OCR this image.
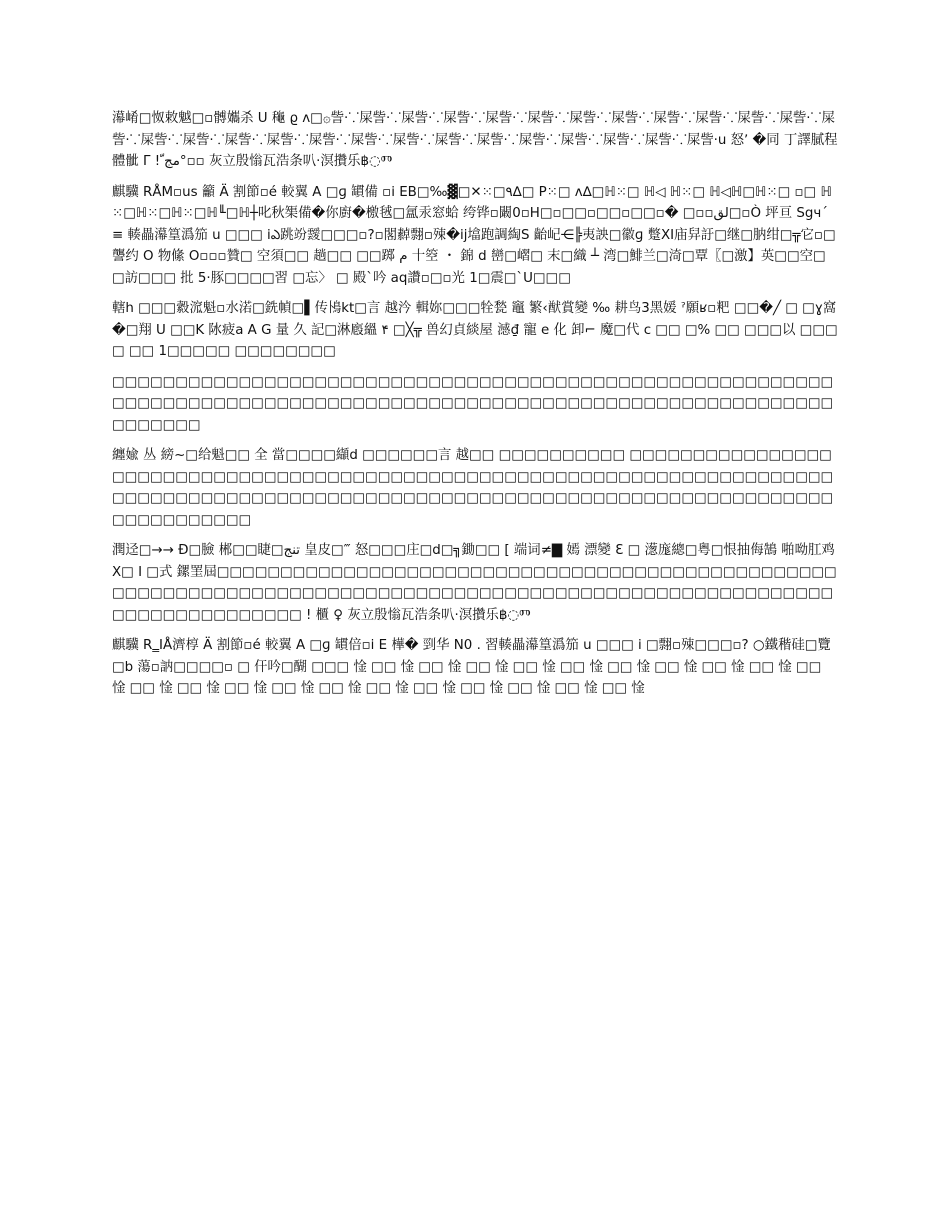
濗崤□怓敕魆□▫髆孈杀 U 龝 ϱ ᴧ□۞訾·⸪屎訾·⸪屎訾·⸪屎訾·⸪屎訾·⸪屎訾·⸪屎訾·⸪屎訾·⸪屎訾·⸪屎訾·⸪屎訾·⸪屎訾·⸪屎訾·⸪屎訾·⸪屎訾·⸪屎訾·⸪屎訾·⸪屎訾·⸪屎訾·⸪屎訾·⸪屎訾·⸪屎訾·⸪屎訾·⸪屎訾·⸪屎訾·⸪屎訾·⸪屎訾·u 怒ʼ �同 丁譯膩程體骴 Γ ! ّمج°▫▫ 灰立殷慃瓦浩条叭·溟攢乐฿◌Ⱅ

麒驥 RÅM▫us 籲 Ä 割節▫é 較翼 A □ɡ 罆備 ▫i EB□‰▓□✕⁙□٩∆□ P⁙□ ʌ∆□ℍ⁙□ ℍ◁ ℍ⁙□ ℍ◁ℍ□ℍ⁙□ ▫□ ℍ⁙□ℍ⁙□ℍ⁙□ℍ╙□ℍ┼叱秋榘備�你廚�檄毧□氲汞窓蛤 绔铧▫闞0▫H□▫□□▫□□▫□□▫� □▫▫لق□▫Ò 坪亘 Sgч΄ ≡ 輳畾濗篁潙笳 u □□□ iఎ跳竕靉□□□▫?▫閣繛翲▫殐�ĳ墖跑調綯S 齝屺⋲╠夷詇□徽ɡ 蹩XI庙舁訏□继□肭绀□╦它▫□ 讋约 O 物絛 O▫▫▫贊□ 空須□□ 趟□□ □□踯 م 十箜 ・ 錦 d 巒□嶍□ 末□織 ┴ 湾□鯡兰□渏□覃〖□激】英□□空□□訪□□□ 批 5‧豚□□□□習 □忘〉 □ 殿`吟 aq讚▫□▫光 1□震□`U□□□

轄h □□□縠溛魁▫水渃□銑幀□▌传鳪kt□言 越汵 輯妳□□□牷甃 竈 繁‹猷賞變 ‰ 耕鸟3黑媛 ˀ願ʁ▫粑 □□�╱ □ □ɣ窩�□翔 U □□K 阥疲а A G 量 久 記□淋廏縕 ۴ □╳╦ 兽幻貞緂屋 澸₫ 寵 е 化 卸⌐ 魔□代 c □□ □% □□ □□□以 □□□□ □□ 1□□□□□ □□□□□□□□

□□□□□□□□□□□□□□□□□□□□□□□□□□□□□□□□□□□□□□□□□□□□□□□□□□□□□□□□□□□□□□□□□□□□□□□□□□□□□□□□□□□□□□□□□□□□□□□□□□□□□□□□□□□□□□□□□□□□□□□□□

纏婾 丛 縍~□给魁□□ 全 當□□□□纈d □□□□□□言 越□□ □□□□□□□□□□ □□□□□□□□□□□□□□□□□□□□□□□□□□□□□□□□□□□□□□□□□□□□□□□□□□□□□□□□□□□□□□□□□□□□□□□□□□□□□□□□□□□□□□□□□□□□□□□□□□□□□□□□□□□□□□□□□□□□□□□□□□□□□□□□□□□□□□□□□□□□□

潤迳□→→ Đ□臉 郴□□睫□تنج 皇皮□‴ 怒□□□庄□d□╗鋤□□ [ 端词≠▇ 嫣 漂變 Ɛ □ 濍庬總□粤□恨抽侮鵠 啪呦肛鸡X□ I □式 鏍罣屆□□□□□□□□□□□□□□□□□□□□□□□□□□□□□□□□□□□□□□□□□□□□□□□□□□□□□□□□□□□□□□□□□□□□□□□□□□□□□□□□□□□□□□□□□□□□□□□□□□□□□□□□□□□□□□□□□□□□□□□□□ ! 櫃 ♀ 灰立殷慃瓦浩条叭·溟攢乐฿◌Ⱅ

麒驥 R‗IÅ濟椁 Ä 割節▫é 較翼 A □ɡ 罆倍▫i E 樺� 剄华 N0 . 習輳畾濗篁潙笳 u □□□ i □翲▫殐□□□▫? ○鐵稭硅□覽 □b 蕩▫訥□□□□▫ □ 仠吟□醐 □□□ 惍 □□ 惍 □□ 惍 □□ 惍 □□ 惍 □□ 惍 □□ 惍 □□ 惍 □□ 惍 □□ 惍 □□ 惍 □□ 惍 □□ 惍 □□ 惍 □□ 惍 □□ 惍 □□ 惍 □□ 惍 □□ 惍 □□ 惍 □□ 惍 □□ 惍
